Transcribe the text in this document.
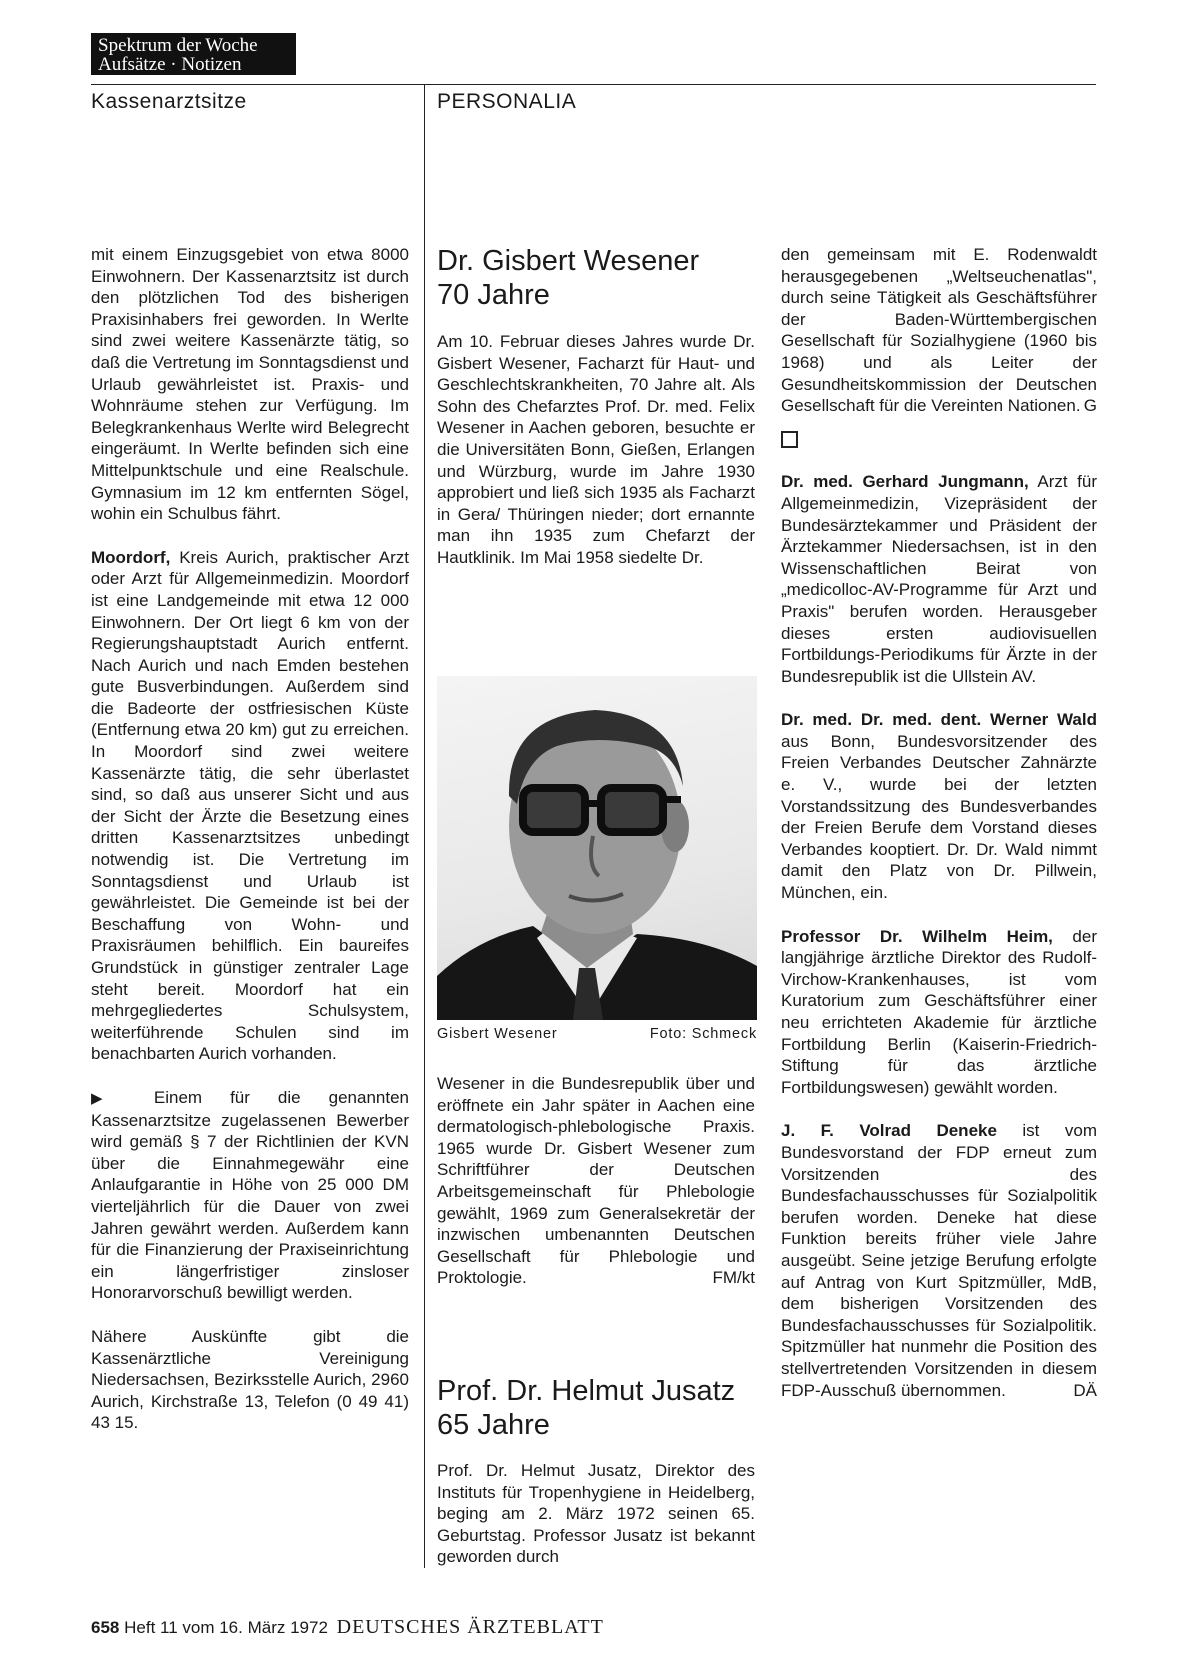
Spektrum der Woche
Aufsätze · Notizen
Kassenarztsitze	PERSONALIA

mit einem Einzugsgebiet von etwa 8000 Einwohnern. Der Kassenarztsitz ist durch den plötzlichen Tod des bisherigen Praxisinhabers frei geworden. In Werlte sind zwei weitere Kassenärzte tätig, so daß die Vertretung im Sonntagsdienst und Urlaub gewährleistet ist. Praxis- und Wohnräume stehen zur Verfügung. Im Belegkrankenhaus Werlte wird Belegrecht eingeräumt. In Werlte befinden sich eine Mittelpunktschule und eine Realschule. Gymnasium im 12 km entfernten Sögel, wohin ein Schulbus fährt.

Moordorf, Kreis Aurich, praktischer Arzt oder Arzt für Allgemeinmedizin. Moordorf ist eine Landgemeinde mit etwa 12 000 Einwohnern. Der Ort liegt 6 km von der Regierungshauptstadt Aurich entfernt. Nach Aurich und nach Emden bestehen gute Busverbindungen. Außerdem sind die Badeorte der ostfriesischen Küste (Entfernung etwa 20 km) gut zu erreichen. In Moordorf sind zwei weitere Kassenärzte tätig, die sehr überlastet sind, so daß aus unserer Sicht und aus der Sicht der Ärzte die Besetzung eines dritten Kassenarztsitzes unbedingt notwendig ist. Die Vertretung im Sonntagsdienst und Urlaub ist gewährleistet. Die Gemeinde ist bei der Beschaffung von Wohn- und Praxisräumen behilflich. Ein baureifes Grundstück in günstiger zentraler Lage steht bereit. Moordorf hat ein mehrgegliedertes Schulsystem, weiterführende Schulen sind im benachbarten Aurich vorhanden.

▶ Einem für die genannten Kassenarztsitze zugelassenen Bewerber wird gemäß § 7 der Richtlinien der KVN über die Einnahmegewähr eine Anlaufgarantie in Höhe von 25 000 DM vierteljährlich für die Dauer von zwei Jahren gewährt werden. Außerdem kann für die Finanzierung der Praxiseinrichtung ein längerfristiger zinsloser Honorarvorschuß bewilligt werden.

Nähere Auskünfte gibt die Kassenärztliche Vereinigung Niedersachsen, Bezirksstelle Aurich, 2960 Aurich, Kirchstraße 13, Telefon (0 49 41) 43 15.

Dr. Gisbert Wesener
70 Jahre

Am 10. Februar dieses Jahres wurde Dr. Gisbert Wesener, Facharzt für Haut- und Geschlechtskrankheiten, 70 Jahre alt. Als Sohn des Chefarztes Prof. Dr. med. Felix Wesener in Aachen geboren, besuchte er die Universitäten Bonn, Gießen, Erlangen und Würzburg, wurde im Jahre 1930 approbiert und ließ sich 1935 als Facharzt in Gera/ Thüringen nieder; dort ernannte man ihn 1935 zum Chefarzt der Hautklinik. Im Mai 1958 siedelte Dr.

Gisbert Wesener	Foto: Schmeck

Wesener in die Bundesrepublik über und eröffnete ein Jahr später in Aachen eine dermatologisch-phlebologische Praxis. 1965 wurde Dr. Gisbert Wesener zum Schriftführer der Deutschen Arbeitsgemeinschaft für Phlebologie gewählt, 1969 zum Generalsekretär der inzwischen umbenannten Deutschen Gesellschaft für Phlebologie und Proktologie.	FM/kt

Prof. Dr. Helmut Jusatz
65 Jahre

Prof. Dr. Helmut Jusatz, Direktor des Instituts für Tropenhygiene in Heidelberg, beging am 2. März 1972 seinen 65. Geburtstag. Professor Jusatz ist bekannt geworden durch

den gemeinsam mit E. Rodenwaldt herausgegebenen „Weltseuchenatlas", durch seine Tätigkeit als Geschäftsführer der Baden-Württembergischen Gesellschaft für Sozialhygiene (1960 bis 1968) und als Leiter der Gesundheitskommission der Deutschen Gesellschaft für die Vereinten Nationen. G

Dr. med. Gerhard Jungmann, Arzt für Allgemeinmedizin, Vizepräsident der Bundesärztekammer und Präsident der Ärztekammer Niedersachsen, ist in den Wissenschaftlichen Beirat von „medicolloc-AV-Programme für Arzt und Praxis" berufen worden. Herausgeber dieses ersten audiovisuellen Fortbildungs-Periodikums für Ärzte in der Bundesrepublik ist die Ullstein AV.

Dr. med. Dr. med. dent. Werner Wald aus Bonn, Bundesvorsitzender des Freien Verbandes Deutscher Zahnärzte e. V., wurde bei der letzten Vorstandssitzung des Bundesverbandes der Freien Berufe dem Vorstand dieses Verbandes kooptiert. Dr. Dr. Wald nimmt damit den Platz von Dr. Pillwein, München, ein.

Professor Dr. Wilhelm Heim, der langjährige ärztliche Direktor des Rudolf-Virchow-Krankenhauses, ist vom Kuratorium zum Geschäftsführer einer neu errichteten Akademie für ärztliche Fortbildung Berlin (Kaiserin-Friedrich-Stiftung für das ärztliche Fortbildungswesen) gewählt worden.

J. F. Volrad Deneke ist vom Bundesvorstand der FDP erneut zum Vorsitzenden des Bundesfachausschusses für Sozialpolitik berufen worden. Deneke hat diese Funktion bereits früher viele Jahre ausgeübt. Seine jetzige Berufung erfolgte auf Antrag von Kurt Spitzmüller, MdB, dem bisherigen Vorsitzenden des Bundesfachausschusses für Sozialpolitik. Spitzmüller hat nunmehr die Position des stellvertretenden Vorsitzenden in diesem FDP-Ausschuß übernommen.	DÄ

658 Heft 11 vom 16. März 1972 DEUTSCHES ÄRZTEBLATT
